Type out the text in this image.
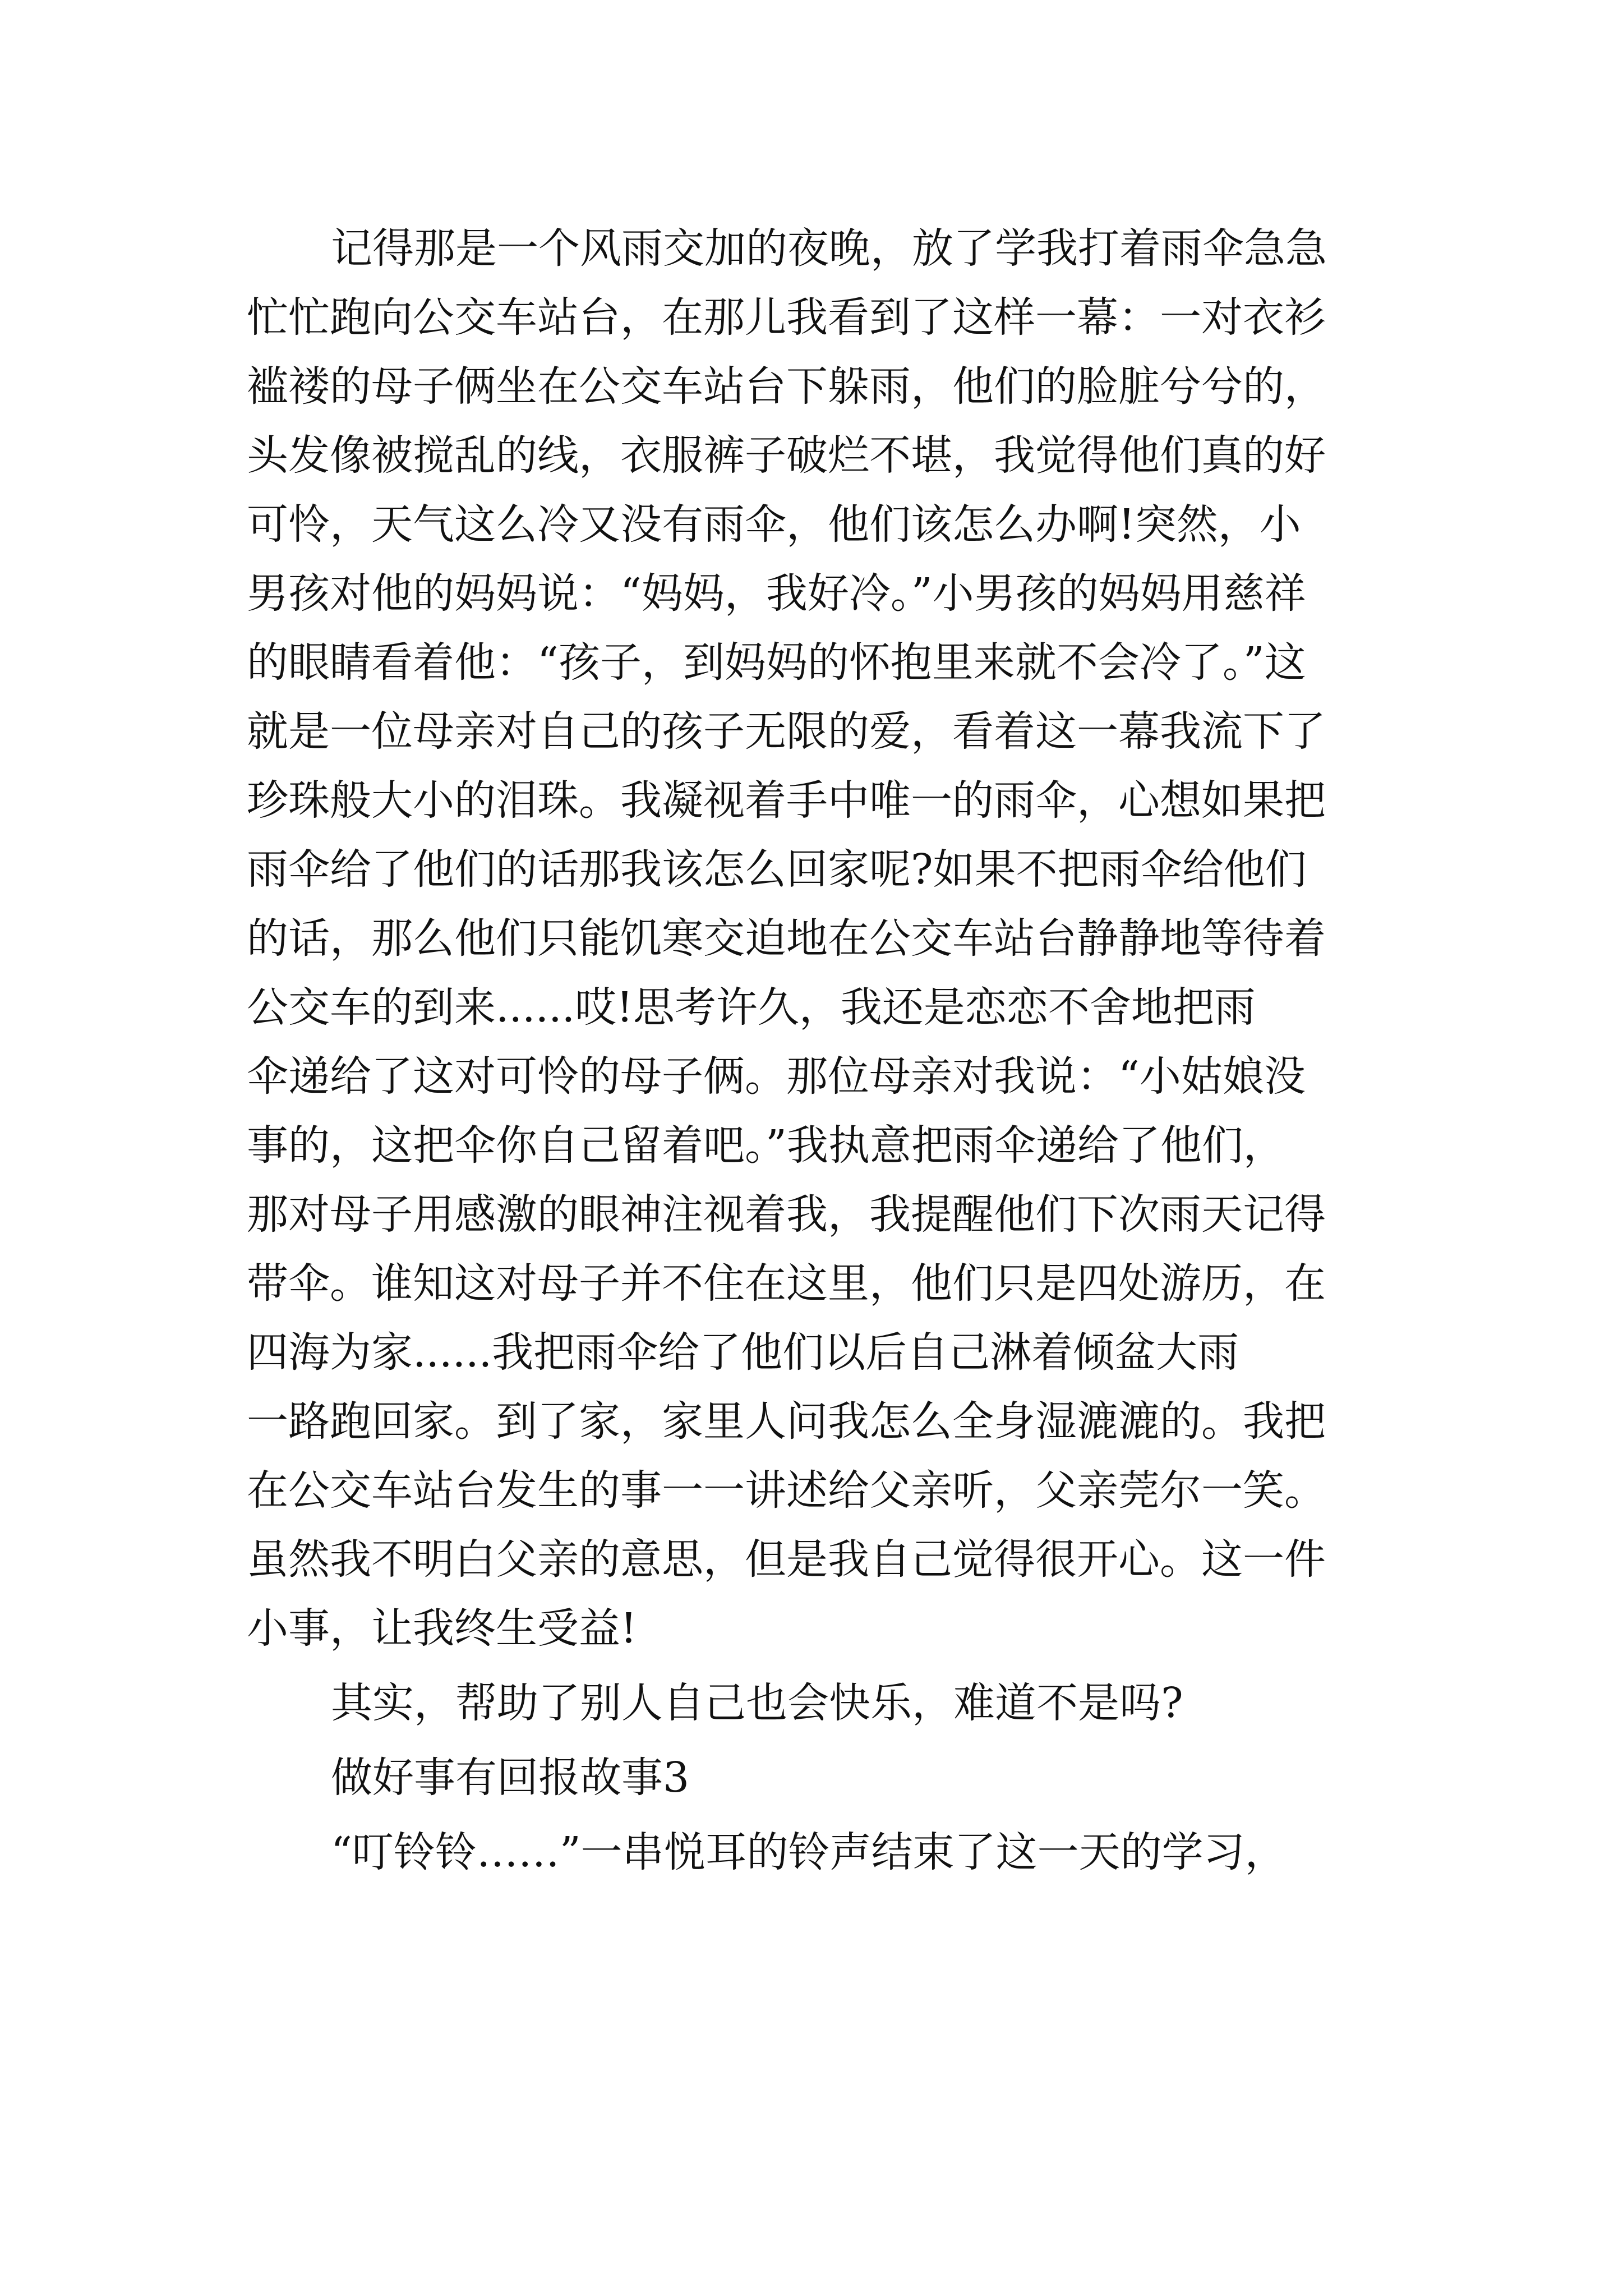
记得那是一个风雨交加的夜晚，放了学我打着雨伞急急
忙忙跑向公交车站台，在那儿我看到了这样一幕：一对衣衫
褴褛的母子俩坐在公交车站台下躲雨，他们的脸脏兮兮的，
头发像被搅乱的线，衣服裤子破烂不堪，我觉得他们真的好
可怜，天气这么冷又没有雨伞，他们该怎么办啊!突然，小
男孩对他的妈妈说：“妈妈，我好冷。”小男孩的妈妈用慈祥
的眼睛看着他：“孩子，到妈妈的怀抱里来就不会冷了。”这
就是一位母亲对自己的孩子无限的爱，看着这一幕我流下了
珍珠般大小的泪珠。我凝视着手中唯一的雨伞，心想如果把
雨伞给了他们的话那我该怎么回家呢?如果不把雨伞给他们
的话，那么他们只能饥寒交迫地在公交车站台静静地等待着
公交车的到来......哎!思考许久，我还是恋恋不舍地把雨
伞递给了这对可怜的母子俩。那位母亲对我说：“小姑娘没
事的，这把伞你自己留着吧。”我执意把雨伞递给了他们，
那对母子用感激的眼神注视着我，我提醒他们下次雨天记得
带伞。谁知这对母子并不住在这里，他们只是四处游历，在
四海为家......我把雨伞给了他们以后自己淋着倾盆大雨
一路跑回家。到了家，家里人问我怎么全身湿漉漉的。我把
在公交车站台发生的事一一讲述给父亲听，父亲莞尔一笑。
虽然我不明白父亲的意思，但是我自己觉得很开心。这一件
小事，让我终生受益!
其实，帮助了别人自己也会快乐，难道不是吗?
做好事有回报故事3
“叮铃铃……”一串悦耳的铃声结束了这一天的学习，
